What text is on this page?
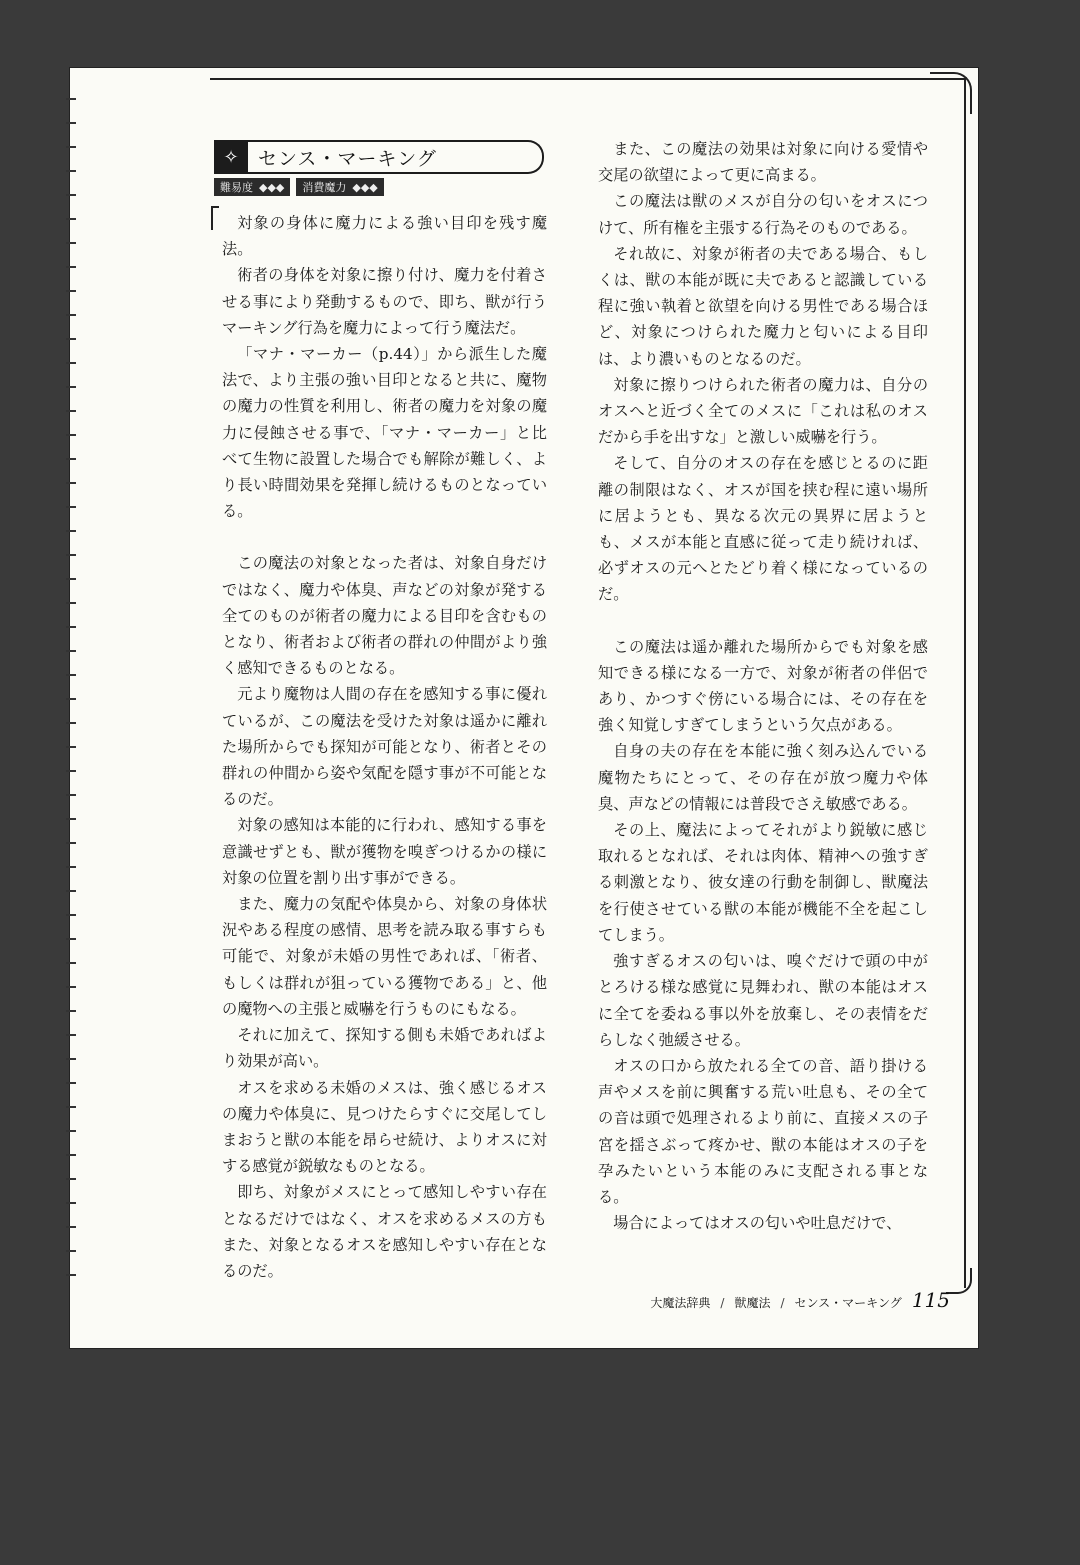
✧	センス・マーキング
難易度 ◆◆◆ 消費魔力 ◆◆◆

対象の身体に魔力による強い目印を残す魔法。

術者の身体を対象に擦り付け、魔力を付着させる事により発動するもので、即ち、獣が行うマーキング行為を魔力によって行う魔法だ。

「マナ・マーカー（p.44）」から派生した魔法で、より主張の強い目印となると共に、魔物の魔力の性質を利用し、術者の魔力を対象の魔力に侵蝕させる事で、「マナ・マーカー」と比べて生物に設置した場合でも解除が難しく、より長い時間効果を発揮し続けるものとなっている。

この魔法の対象となった者は、対象自身だけではなく、魔力や体臭、声などの対象が発する全てのものが術者の魔力による目印を含むものとなり、術者および術者の群れの仲間がより強く感知できるものとなる。

元より魔物は人間の存在を感知する事に優れているが、この魔法を受けた対象は遥かに離れた場所からでも探知が可能となり、術者とその群れの仲間から姿や気配を隠す事が不可能となるのだ。

対象の感知は本能的に行われ、感知する事を意識せずとも、獣が獲物を嗅ぎつけるかの様に対象の位置を割り出す事ができる。

また、魔力の気配や体臭から、対象の身体状況やある程度の感情、思考を読み取る事すらも可能で、対象が未婚の男性であれば、「術者、もしくは群れが狙っている獲物である」と、他の魔物への主張と威嚇を行うものにもなる。

それに加えて、探知する側も未婚であればより効果が高い。

オスを求める未婚のメスは、強く感じるオスの魔力や体臭に、見つけたらすぐに交尾してしまおうと獣の本能を昂らせ続け、よりオスに対する感覚が鋭敏なものとなる。

即ち、対象がメスにとって感知しやすい存在となるだけではなく、オスを求めるメスの方もまた、対象となるオスを感知しやすい存在となるのだ。

また、この魔法の効果は対象に向ける愛情や交尾の欲望によって更に高まる。

この魔法は獣のメスが自分の匂いをオスにつけて、所有権を主張する行為そのものである。

それ故に、対象が術者の夫である場合、もしくは、獣の本能が既に夫であると認識している程に強い執着と欲望を向ける男性である場合ほど、対象につけられた魔力と匂いによる目印は、より濃いものとなるのだ。

対象に擦りつけられた術者の魔力は、自分のオスへと近づく全てのメスに「これは私のオスだから手を出すな」と激しい威嚇を行う。

そして、自分のオスの存在を感じとるのに距離の制限はなく、オスが国を挟む程に遠い場所に居ようとも、異なる次元の異界に居ようとも、メスが本能と直感に従って走り続ければ、必ずオスの元へとたどり着く様になっているのだ。

この魔法は遥か離れた場所からでも対象を感知できる様になる一方で、対象が術者の伴侶であり、かつすぐ傍にいる場合には、その存在を強く知覚しすぎてしまうという欠点がある。

自身の夫の存在を本能に強く刻み込んでいる魔物たちにとって、その存在が放つ魔力や体臭、声などの情報には普段でさえ敏感である。

その上、魔法によってそれがより鋭敏に感じ取れるとなれば、それは肉体、精神への強すぎる刺激となり、彼女達の行動を制御し、獣魔法を行使させている獣の本能が機能不全を起こしてしまう。

強すぎるオスの匂いは、嗅ぐだけで頭の中がとろける様な感覚に見舞われ、獣の本能はオスに全てを委ねる事以外を放棄し、その表情をだらしなく弛緩させる。

オスの口から放たれる全ての音、語り掛ける声やメスを前に興奮する荒い吐息も、その全ての音は頭で処理されるより前に、直接メスの子宮を揺さぶって疼かせ、獣の本能はオスの子を孕みたいという本能のみに支配される事となる。

場合によってはオスの匂いや吐息だけで、

大魔法辞典 / 獣魔法 / センス・マーキング 115
